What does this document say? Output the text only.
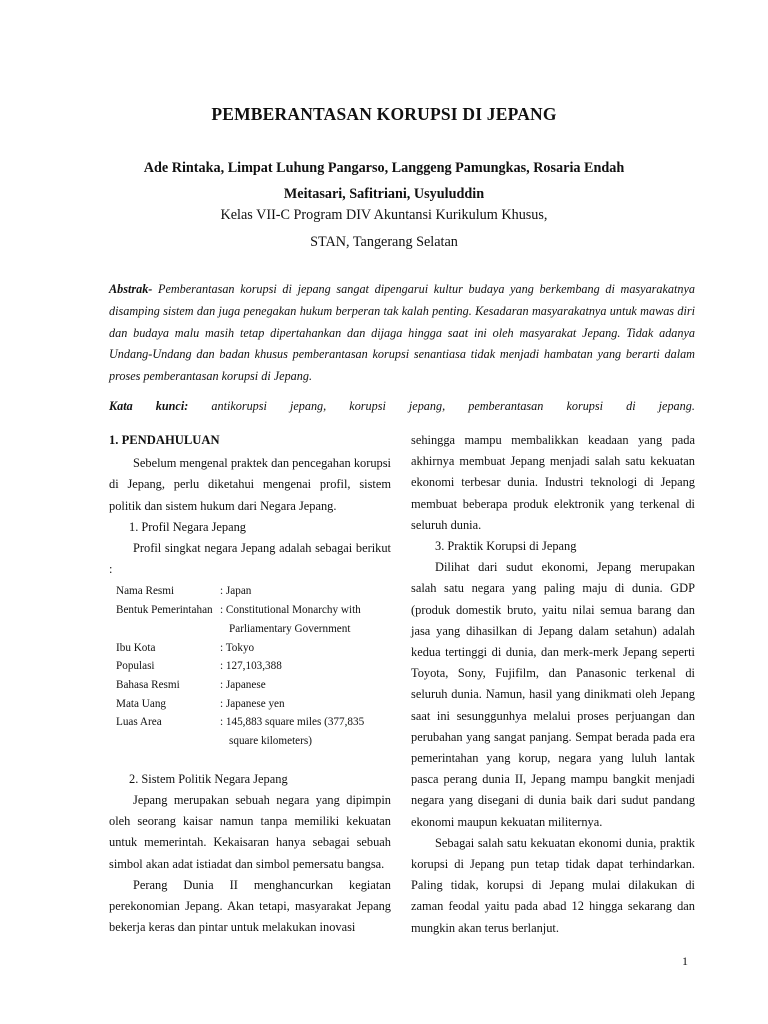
PEMBERANTASAN KORUPSI DI JEPANG
Ade Rintaka, Limpat Luhung Pangarso, Langgeng Pamungkas, Rosaria Endah
Meitasari, Safitriani, Usyuluddin
Kelas VII-C Program DIV Akuntansi Kurikulum Khusus,
STAN, Tangerang Selatan
Abstrak- Pemberantasan korupsi di jepang sangat dipengarui kultur budaya yang berkembang di masyarakatnya disamping sistem dan juga penegakan hukum berperan tak kalah penting. Kesadaran masyarakatnya untuk mawas diri dan budaya malu masih tetap dipertahankan dan dijaga hingga saat ini oleh masyarakat Jepang. Tidak adanya Undang-Undang dan badan khusus pemberantasan korupsi senantiasa tidak menjadi hambatan yang berarti dalam proses pemberantasan korupsi di Jepang.
Kata kunci: antikorupsi jepang, korupsi jepang, pemberantasan korupsi di jepang.

1. PENDAHULUAN

Sebelum mengenal praktek dan pencegahan korupsi di Jepang, perlu diketahui mengenai profil, sistem politik dan sistem hukum dari Negara Jepang.

1. Profil Negara Jepang

Profil singkat negara Jepang adalah sebagai berikut :

Nama Resmi	: Japan
Bentuk Pemerintahan : Constitutional Monarchy with
Parliamentary Government
Ibu Kota	: Tokyo
Populasi	: 127,103,388
Bahasa Resmi	: Japanese
Mata Uang	: Japanese yen
Luas Area	: 145,883 square miles (377,835
square kilometers)

2. Sistem Politik Negara Jepang

Jepang merupakan sebuah negara yang dipimpin oleh seorang kaisar namun tanpa memiliki kekuatan untuk memerintah. Kekaisaran hanya sebagai sebuah simbol akan adat istiadat dan simbol pemersatu bangsa.

Perang Dunia II menghancurkan kegiatan perekonomian Jepang. Akan tetapi, masyarakat Jepang bekerja keras dan pintar untuk melakukan inovasi

sehingga mampu membalikkan keadaan yang pada akhirnya membuat Jepang menjadi salah satu kekuatan ekonomi terbesar dunia. Industri teknologi di Jepang membuat beberapa produk elektronik yang terkenal di seluruh dunia.

3. Praktik Korupsi di Jepang

Dilihat dari sudut ekonomi, Jepang merupakan salah satu negara yang paling maju di dunia. GDP (produk domestik bruto, yaitu nilai semua barang dan jasa yang dihasilkan di Jepang dalam setahun) adalah kedua tertinggi di dunia, dan merk-merk Jepang seperti Toyota, Sony, Fujifilm, dan Panasonic terkenal di seluruh dunia. Namun, hasil yang dinikmati oleh Jepang saat ini sesunggunhya melalui proses perjuangan dan perubahan yang sangat panjang. Sempat berada pada era pemerintahan yang korup, negara yang luluh lantak pasca perang dunia II, Jepang mampu bangkit menjadi negara yang disegani di dunia baik dari sudut pandang ekonomi maupun kekuatan militernya.

Sebagai salah satu kekuatan ekonomi dunia, praktik korupsi di Jepang pun tetap tidak dapat terhindarkan. Paling tidak, korupsi di Jepang mulai dilakukan di zaman feodal yaitu pada abad 12 hingga sekarang dan mungkin akan terus berlanjut.

1
